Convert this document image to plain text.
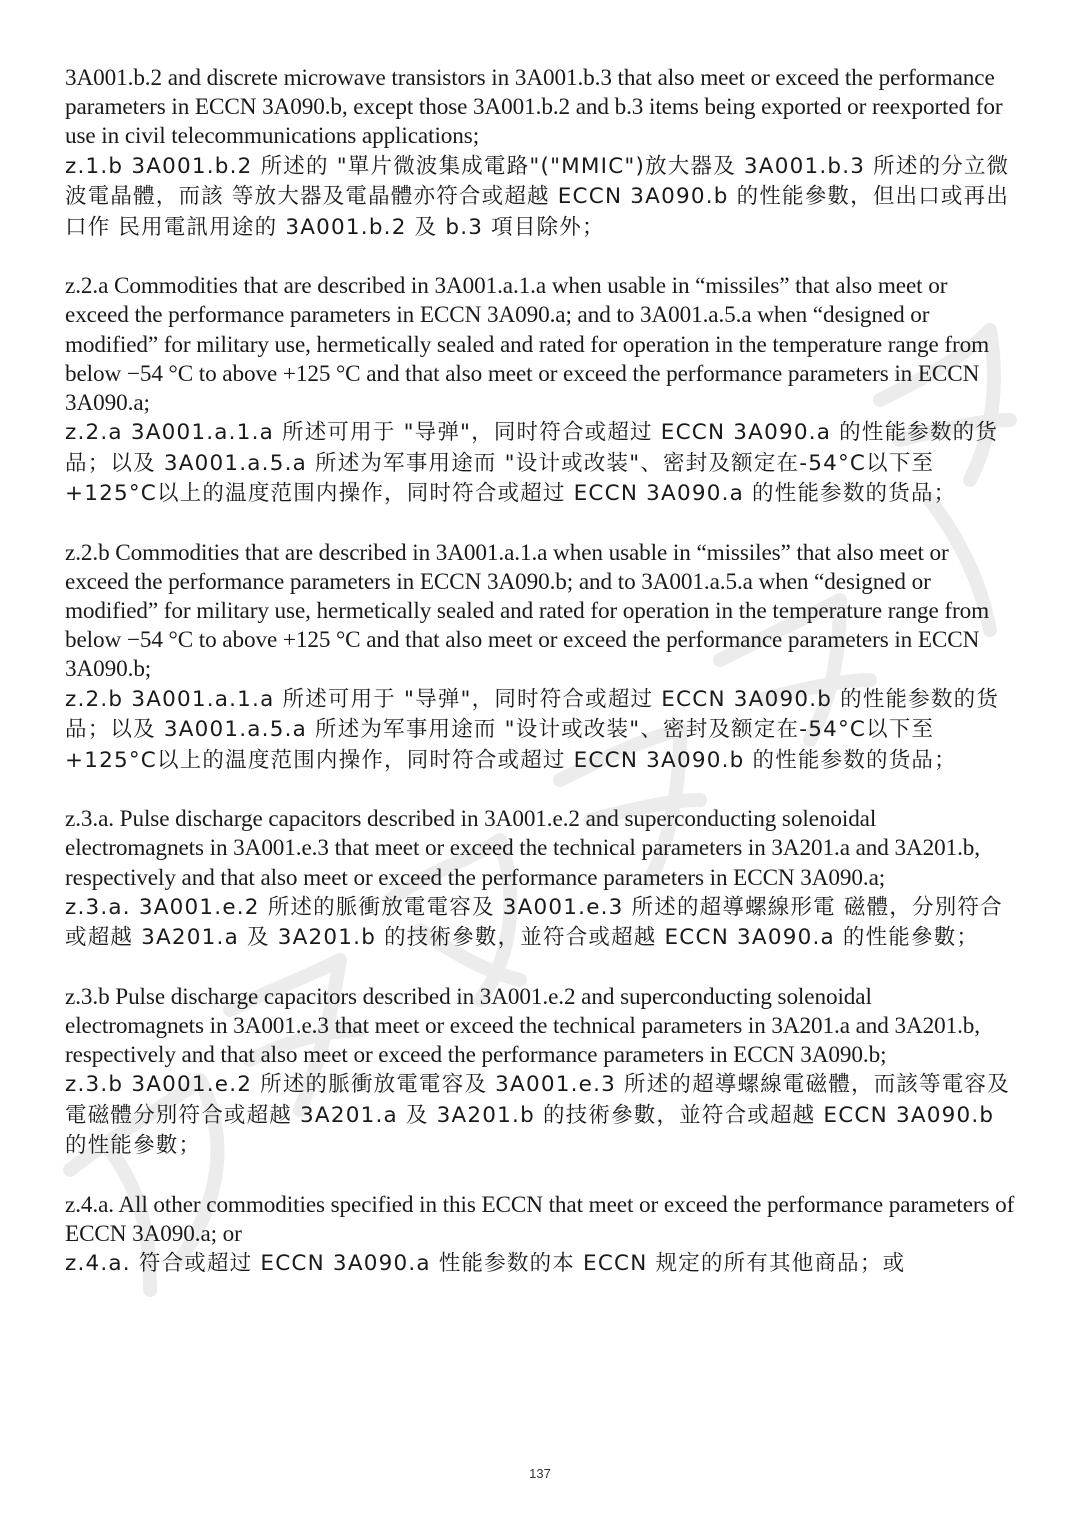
3A001.b.2 and discrete microwave transistors in 3A001.b.3 that also meet or exceed the performance parameters in ECCN 3A090.b, except those 3A001.b.2 and b.3 items being exported or reexported for use in civil telecommunications applications;

z.1.b 3A001.b.2 所述的 "單片微波集成電路"("MMIC")放大器及 3A001.b.3 所述的分立微波電晶體，而該 等放大器及電晶體亦符合或超越 ECCN 3A090.b 的性能參數，但出口或再出口作 民用電訊用途的 3A001.b.2 及 b.3 項目除外；

z.2.a Commodities that are described in 3A001.a.1.a when usable in “missiles” that also meet or exceed the performance parameters in ECCN 3A090.a; and to 3A001.a.5.a when “designed or modified” for military use, hermetically sealed and rated for operation in the temperature range from below −54 °C to above +125 °C and that also meet or exceed the performance parameters in ECCN 3A090.a;

z.2.a 3A001.a.1.a 所述可用于 "导弹"，同时符合或超过 ECCN 3A090.a 的性能参数的货品；以及 3A001.a.5.a 所述为军事用途而 "设计或改装"、密封及额定在-54°C以下至+125°C以上的温度范围内操作，同时符合或超过 ECCN 3A090.a 的性能参数的货品；

z.2.b Commodities that are described in 3A001.a.1.a when usable in “missiles” that also meet or exceed the performance parameters in ECCN 3A090.b; and to 3A001.a.5.a when “designed or modified” for military use, hermetically sealed and rated for operation in the temperature range from below −54 °C to above +125 °C and that also meet or exceed the performance parameters in ECCN 3A090.b;

z.2.b 3A001.a.1.a 所述可用于 "导弹"，同时符合或超过 ECCN 3A090.b 的性能参数的货品；以及 3A001.a.5.a 所述为军事用途而 "设计或改装"、密封及额定在-54°C以下至+125°C以上的温度范围内操作，同时符合或超过 ECCN 3A090.b 的性能参数的货品；

z.3.a. Pulse discharge capacitors described in 3A001.e.2 and superconducting solenoidal electromagnets in 3A001.e.3 that meet or exceed the technical parameters in 3A201.a and 3A201.b, respectively and that also meet or exceed the performance parameters in ECCN 3A090.a;

z.3.a. 3A001.e.2 所述的脈衝放電電容及 3A001.e.3 所述的超導螺線形電 磁體，分別符合或超越 3A201.a 及 3A201.b 的技術參數，並符合或超越 ECCN 3A090.a 的性能參數；

z.3.b Pulse discharge capacitors described in 3A001.e.2 and superconducting solenoidal electromagnets in 3A001.e.3 that meet or exceed the technical parameters in 3A201.a and 3A201.b, respectively and that also meet or exceed the performance parameters in ECCN 3A090.b;

z.3.b 3A001.e.2 所述的脈衝放電電容及 3A001.e.3 所述的超導螺線電磁體，而該等電容及電磁體分別符合或超越 3A201.a 及 3A201.b 的技術參數，並符合或超越 ECCN 3A090.b 的性能參數；

z.4.a. All other commodities specified in this ECCN that meet or exceed the performance parameters of ECCN 3A090.a; or

z.4.a. 符合或超过 ECCN 3A090.a 性能参数的本 ECCN 规定的所有其他商品；或

137
